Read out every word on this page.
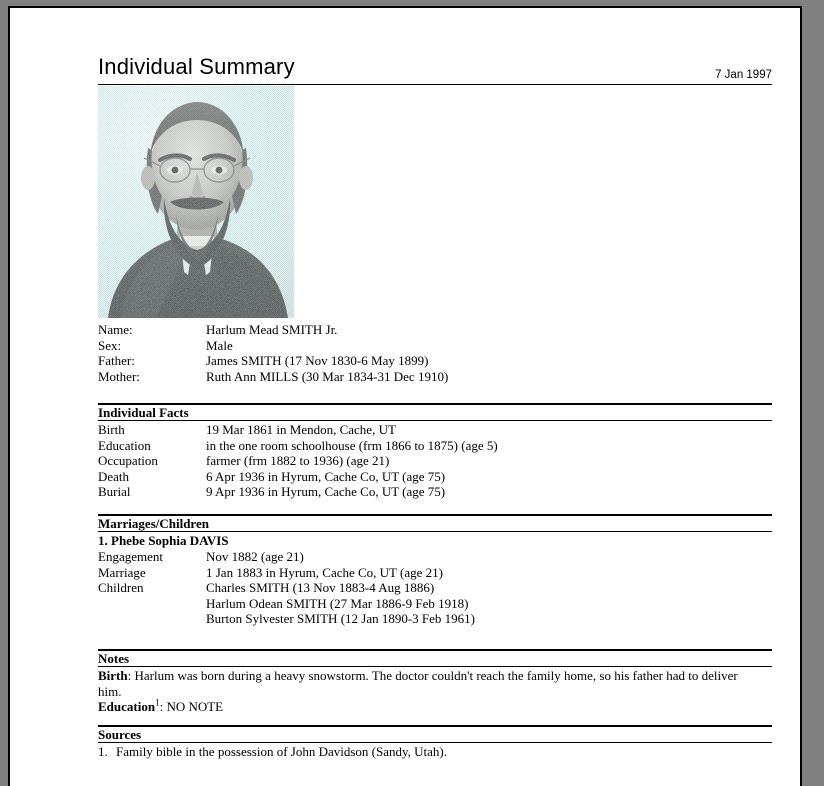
Individual Summary	7 Jan 1997
Name:	Harlum Mead SMITH Jr.
Sex:	Male
Father:	James SMITH (17 Nov 1830-6 May 1899)
Mother:	Ruth Ann MILLS (30 Mar 1834-31 Dec 1910)
Individual Facts
Birth	19 Mar 1861 in Mendon, Cache, UT
Education	in the one room schoolhouse (frm 1866 to 1875) (age 5)
Occupation	farmer (frm 1882 to 1936) (age 21)
Death	6 Apr 1936 in Hyrum, Cache Co, UT (age 75)
Burial	9 Apr 1936 in Hyrum, Cache Co, UT (age 75)
Marriages/Children
1. Phebe Sophia DAVIS
Engagement	Nov 1882 (age 21)
Marriage	1 Jan 1883 in Hyrum, Cache Co, UT (age 21)
Children	Charles SMITH (13 Nov 1883-4 Aug 1886)
Harlum Odean SMITH (27 Mar 1886-9 Feb 1918)
Burton Sylvester SMITH (12 Jan 1890-3 Feb 1961)
Notes
Birth: Harlum was born during a heavy snowstorm. The doctor couldn't reach the family home, so his father had to deliver him.
Education$^1$: NO NOTE
Sources
1. Family bible in the possession of John Davidson (Sandy, Utah).
